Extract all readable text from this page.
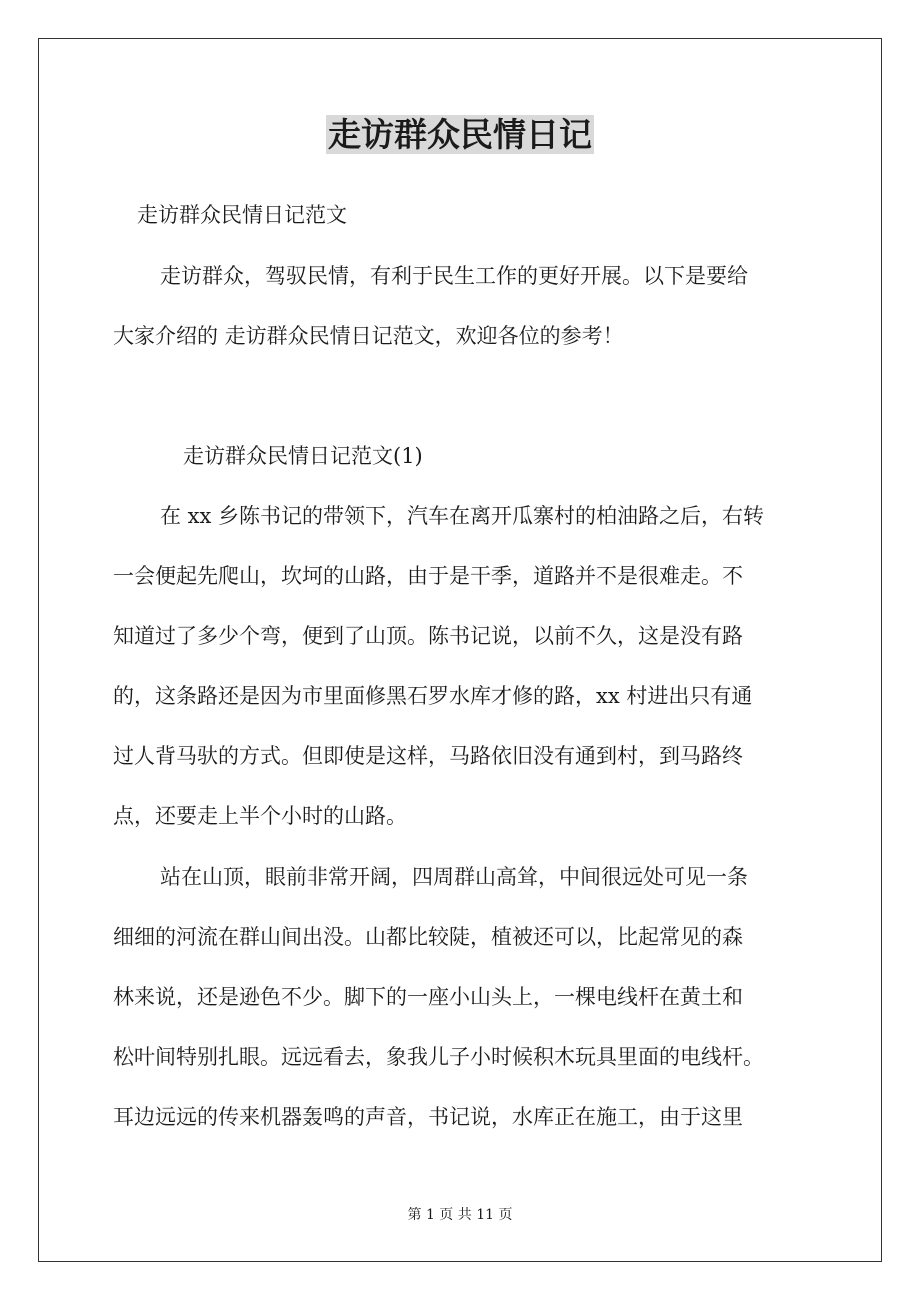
走访群众民情日记

走访群众民情日记范文

走访群众，驾驭民情，有利于民生工作的更好开展。以下是要给

大家介绍的 走访群众民情日记范文，欢迎各位的参考！

走访群众民情日记范文(1)

在 xx 乡陈书记的带领下，汽车在离开瓜寨村的柏油路之后，右转

一会便起先爬山，坎坷的山路，由于是干季，道路并不是很难走。不

知道过了多少个弯，便到了山顶。陈书记说，以前不久，这是没有路

的，这条路还是因为市里面修黑石罗水库才修的路，xx 村进出只有通

过人背马驮的方式。但即使是这样，马路依旧没有通到村，到马路终

点，还要走上半个小时的山路。

站在山顶，眼前非常开阔，四周群山高耸，中间很远处可见一条

细细的河流在群山间出没。山都比较陡，植被还可以，比起常见的森

林来说，还是逊色不少。脚下的一座小山头上，一棵电线杆在黄土和

松叶间特别扎眼。远远看去，象我儿子小时候积木玩具里面的电线杆。

耳边远远的传来机器轰鸣的声音，书记说，水库正在施工，由于这里

第 1 页 共 11 页
